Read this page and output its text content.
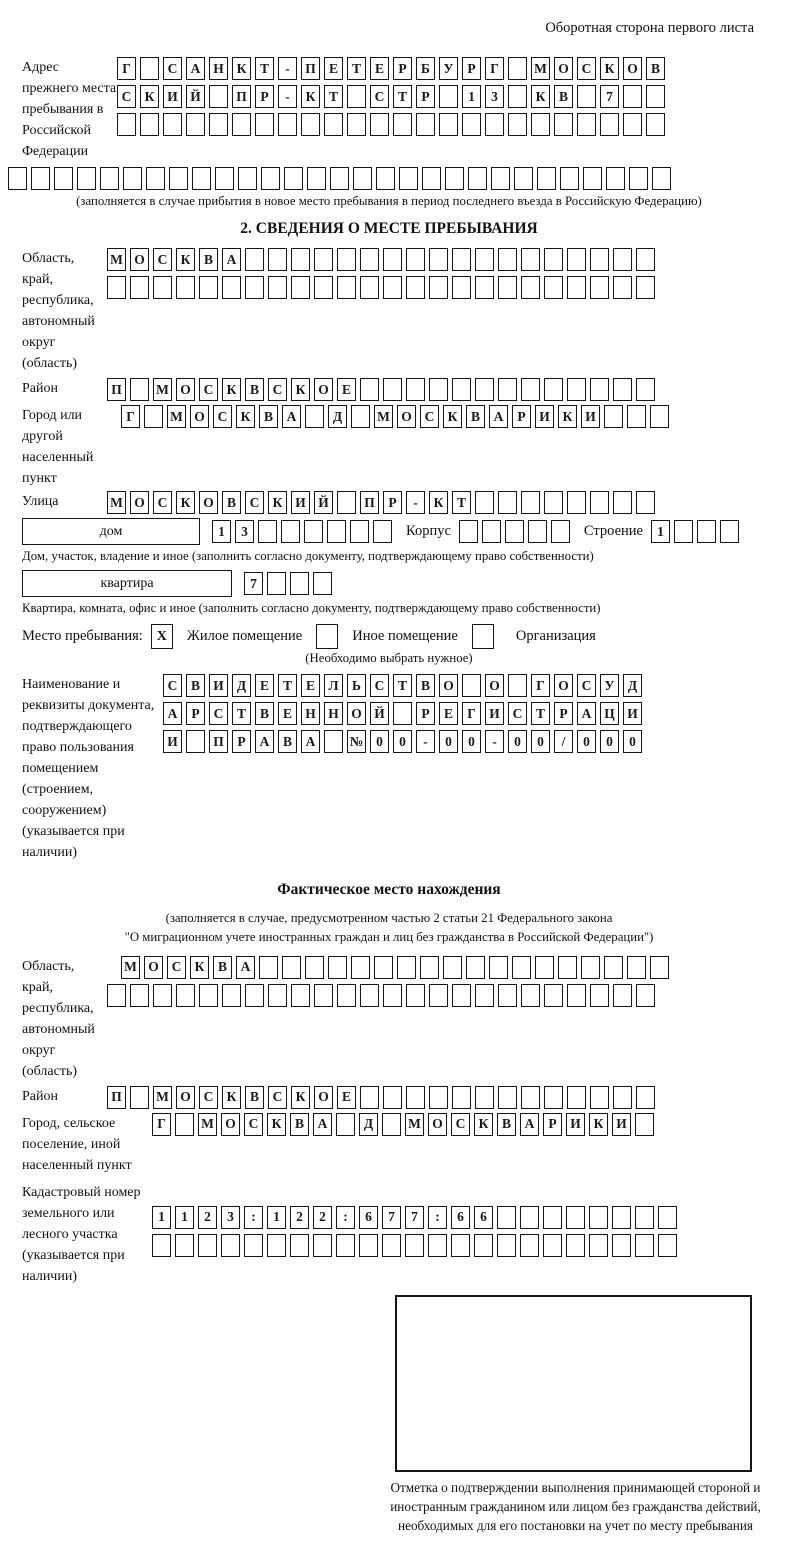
Оборотная сторона первого листа
Адрес прежнего места пребывания в Российской Федерации
Г	С А Н К	Т	-	П Е	Т	Е	Р	Б	У	Р	Г	М О С К О В
С К И Й	П	Р	-	К	Т	С	Т	Р	1	3	К	В	7
(заполняется в случае прибытия в новое место пребывания в период последнего въезда в Российскую Федерацию)
2. СВЕДЕНИЯ О МЕСТЕ ПРЕБЫВАНИЯ
Область, край, республика, автономный округ (область)
М О С К	В	А
Район	П	М О С К	В	С К О Е
Город или другой населенный пункт
Г	М О С К	В	А	Д	М О С К	В	А	Р	И К И
Улица	М О С К О В	С К И Й	П	Р	-	К	Т
дом	1	3	Корпус	Строение	1
Дом, участок, владение и иное (заполнить согласно документу, подтверждающему право собственности)
квартира	7
Квартира, комната, офис и иное (заполнить согласно документу, подтверждающему право собственности)
Место пребывания: X	Жилое помещение	Иное помещение	Организация
(Необходимо выбрать нужное)
Наименование и реквизиты документа, подтверждающего право пользования помещением (строением, сооружением) (указывается при наличии)
С	В И Д	Е	Т	Е Л	Ь	С	Т	В О	О	Г О С У Д
А	Р	С	Т	В	Е Н Н О Й	Р	Е	Г И С	Т	Р	А Ц И
И	П	Р	А	В	А	№ 0	0	-	0	0	-	0	0	/	0	0	0
Фактическое место нахождения
(заполняется в случае, предусмотренном частью 2 статьи 21 Федерального закона
"О миграционном учете иностранных граждан и лиц без гражданства в Российской Федерации")
Область, край, республика, автономный округ (область)
М О С К	В	А
Район	П	М О С К	В	С К О Е
Город, сельское поселение, иной населенный пункт
Г	М О С К	В	А	Д	М О С К	В	А	Р	И К И
Кадастровый номер земельного или лесного участка (указывается при наличии)
1	1	2	3	:	1	2	2	:	6	7	7	:	6	6
Отметка о подтверждении выполнения принимающей стороной и иностранным гражданином или лицом без гражданства действий, необходимых для его постановки на учет по месту пребывания
